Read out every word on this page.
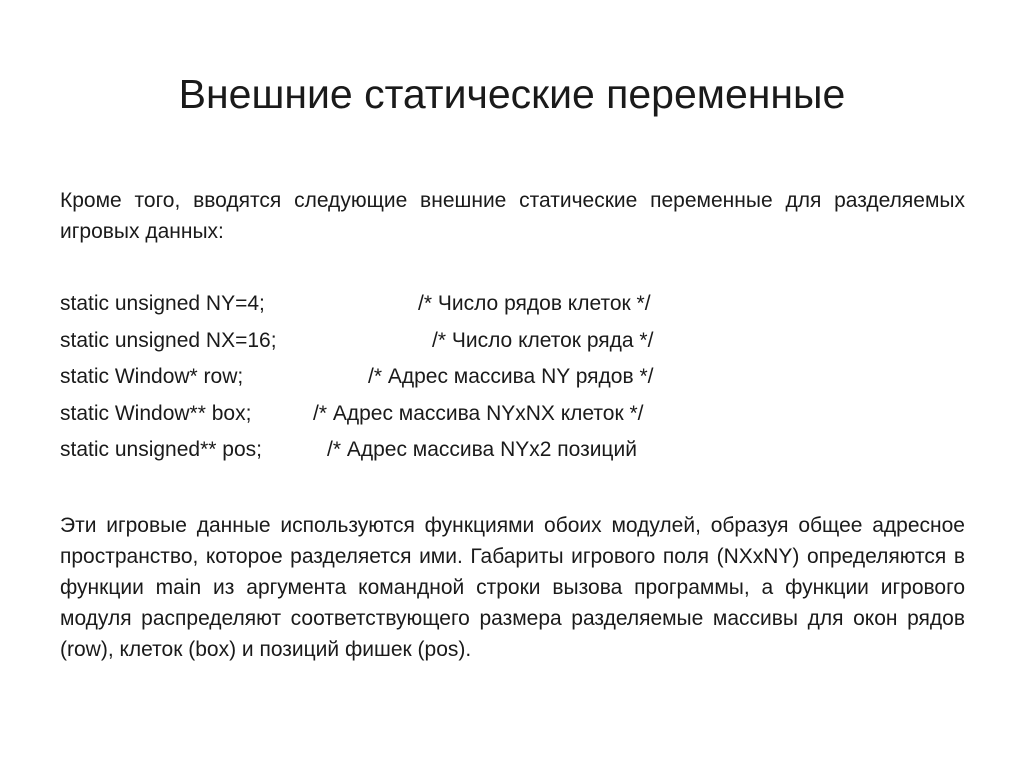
Внешние статические переменные

Кроме того, вводятся следующие внешние статические переменные для разделяемых игровых данных:

static unsigned NY=4;	/* Число рядов клеток */
static unsigned NX=16;	/* Число клеток ряда */
static Window* row;	/* Адрес массива NY рядов */
static Window** box;	/* Адрес массива NYxNX клеток */
static unsigned** pos;	/* Адрес массива NYx2 позиций

Эти игровые данные используются функциями обоих модулей, образуя общее адресное пространство, которое разделяется ими. Габариты игрового поля (NXxNY) определяются в функции main из аргумента командной строки вызова программы, а функции игрового модуля распределяют соответствующего размера разделяемые массивы для окон рядов (row), клеток (box) и позиций фишек (pos).
